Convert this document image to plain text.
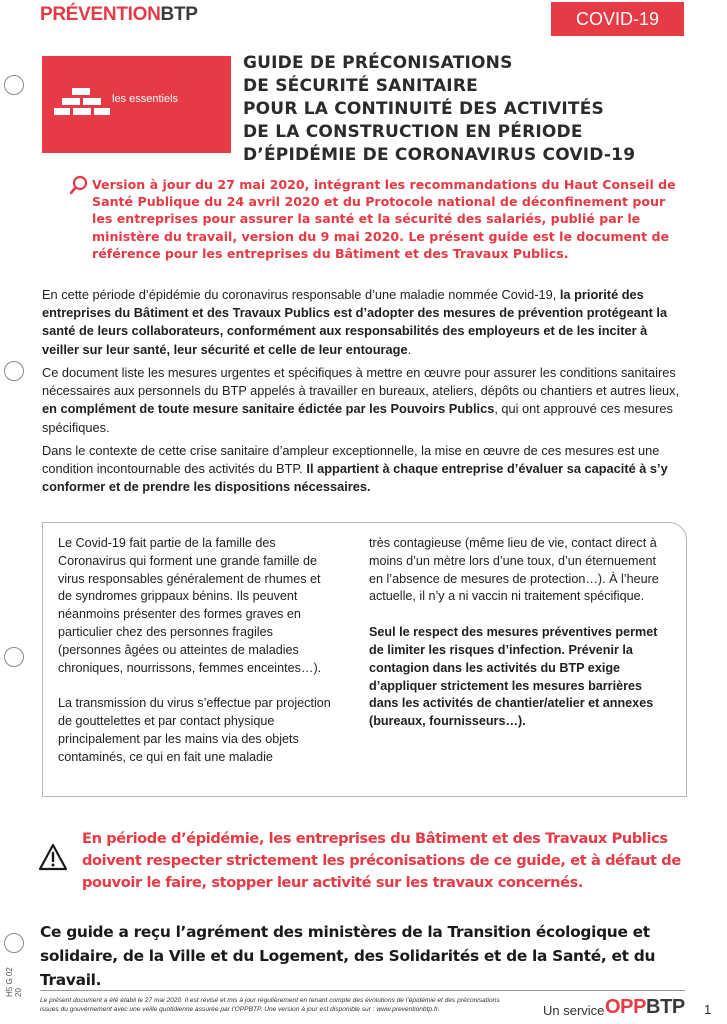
PRÉVENTIONBTP	COVID-19
les essentiels
GUIDE DE PRÉCONISATIONS
DE SÉCURITÉ SANITAIRE
POUR LA CONTINUITÉ DES ACTIVITÉS
DE LA CONSTRUCTION EN PÉRIODE
D’ÉPIDÉMIE DE CORONAVIRUS COVID-19
Version à jour du 27 mai 2020, intégrant les recommandations du Haut Conseil de Santé Publique du 24 avril 2020 et du Protocole national de déconfinement pour les entreprises pour assurer la santé et la sécurité des salariés, publié par le ministère du travail, version du 9 mai 2020. Le présent guide est le document de référence pour les entreprises du Bâtiment et des Travaux Publics.
En cette période d’épidémie du coronavirus responsable d’une maladie nommée Covid-19, la priorité des entreprises du Bâtiment et des Travaux Publics est d’adopter des mesures de prévention protégeant la santé de leurs collaborateurs, conformément aux responsabilités des employeurs et de les inciter à veiller sur leur santé, leur sécurité et celle de leur entourage.
Ce document liste les mesures urgentes et spécifiques à mettre en œuvre pour assurer les conditions sanitaires nécessaires aux personnels du BTP appelés à travailler en bureaux, ateliers, dépôts ou chantiers et autres lieux, en complément de toute mesure sanitaire édictée par les Pouvoirs Publics, qui ont approuvé ces mesures spécifiques.
Dans le contexte de cette crise sanitaire d’ampleur exceptionnelle, la mise en œuvre de ces mesures est une condition incontournable des activités du BTP. Il appartient à chaque entreprise d’évaluer sa capacité à s’y conformer et de prendre les dispositions nécessaires.

Le Covid-19 fait partie de la famille des Coronavirus qui forment une grande famille de virus responsables généralement de rhumes et de syndromes grippaux bénins. Ils peuvent néanmoins présenter des formes graves en particulier chez des personnes fragiles (personnes âgées ou atteintes de maladies chroniques, nourrissons, femmes enceintes…).

La transmission du virus s’effectue par projection de gouttelettes et par contact physique principalement par les mains via des objets contaminés, ce qui en fait une maladie

très contagieuse (même lieu de vie, contact direct à moins d’un mètre lors d’une toux, d’un éternuement en l’absence de mesures de protection…). À l’heure actuelle, il n’y a ni vaccin ni traitement spécifique.

Seul le respect des mesures préventives permet de limiter les risques d’infection. Prévenir la contagion dans les activités du BTP exige d’appliquer strictement les mesures barrières dans les activités de chantier/atelier et annexes (bureaux, fournisseurs…).

En période d’épidémie, les entreprises du Bâtiment et des Travaux Publics doivent respecter strictement les préconisations de ce guide, et à défaut de pouvoir le faire, stopper leur activité sur les travaux concernés.
Ce guide a reçu l’agrément des ministères de la Transition écologique et solidaire, de la Ville et du Logement, des Solidarités et de la Santé, et du Travail.
H5 G 02 20
Le présent document a été établi le 27 mai 2020. Il est révisé et mis à jour régulièrement en tenant compte des évolutions de l’épidémie et des préconisations issues du gouvernement avec une veille quotidienne assurée par l’OPPBTP. Une version à jour est disponible sur : www.preventionbtp.fr.	Un service OPPBTP 1
